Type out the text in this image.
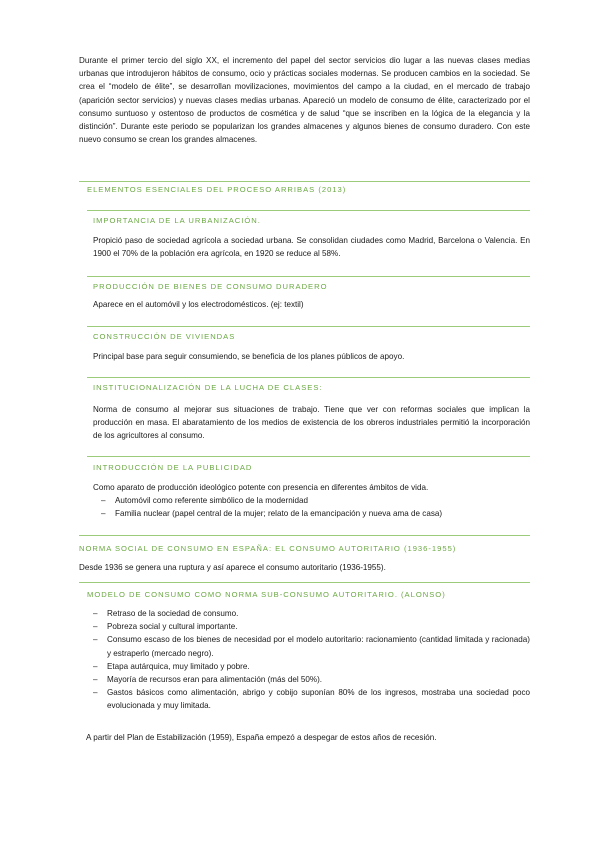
Durante el primer tercio del siglo XX, el incremento del papel del sector servicios dio lugar a las nuevas clases medias urbanas que introdujeron hábitos de consumo, ocio y prácticas sociales modernas. Se producen cambios en la sociedad. Se crea el “modelo de élite”, se desarrollan movilizaciones, movimientos del campo a la ciudad, en el mercado de trabajo (aparición sector servicios) y nuevas clases medias urbanas. Apareció un modelo de consumo de élite, caracterizado por el consumo suntuoso y ostentoso de productos de cosmética y de salud “que se inscriben en la lógica de la elegancia y la distinción”. Durante este periodo se popularizan los grandes almacenes y algunos bienes de consumo duradero. Con este nuevo consumo se crean los grandes almacenes.

ELEMENTOS ESENCIALES DEL PROCESO ARRIBAS (2013)
IMPORTANCIA DE LA URBANIZACIÓN.

Propició paso de sociedad agrícola a sociedad urbana. Se consolidan ciudades como Madrid, Barcelona o Valencia. En 1900 el 70% de la población era agrícola, en 1920 se reduce al 58%.

PRODUCCIÓN DE BIENES DE CONSUMO DURADERO

Aparece en el automóvil y los electrodomésticos. (ej: textil)

CONSTRUCCIÓN DE VIVIENDAS

Principal base para seguir consumiendo, se beneficia de los planes públicos de apoyo.

INSTITUCIONALIZACIÓN DE LA LUCHA DE CLASES:

Norma de consumo al mejorar sus situaciones de trabajo. Tiene que ver con reformas sociales que implican la producción en masa. El abaratamiento de los medios de existencia de los obreros industriales permitió la incorporación de los agricultores al consumo.

INTRODUCCIÓN DE LA PUBLICIDAD

Como aparato de producción ideológico potente con presencia en diferentes ámbitos de vida.

– Automóvil como referente simbólico de la modernidad
– Familia nuclear (papel central de la mujer; relato de la emancipación y nueva ama de casa)
NORMA SOCIAL DE CONSUMO EN ESPAÑA: EL CONSUMO AUTORITARIO (1936-1955)

Desde 1936 se genera una ruptura y así aparece el consumo autoritario (1936-1955).

MODELO DE CONSUMO COMO NORMA SUB-CONSUMO AUTORITARIO. (ALONSO)
– Retraso de la sociedad de consumo.
– Pobreza social y cultural importante.
– Consumo escaso de los bienes de necesidad por el modelo autoritario: racionamiento (cantidad limitada y racionada) y estraperlo (mercado negro).
– Etapa autárquica, muy limitado y pobre.
– Mayoría de recursos eran para alimentación (más del 50%).
– Gastos básicos como alimentación, abrigo y cobijo suponían 80% de los ingresos, mostraba una sociedad poco evolucionada y muy limitada.

A partir del Plan de Estabilización (1959), España empezó a despegar de estos años de recesión.
